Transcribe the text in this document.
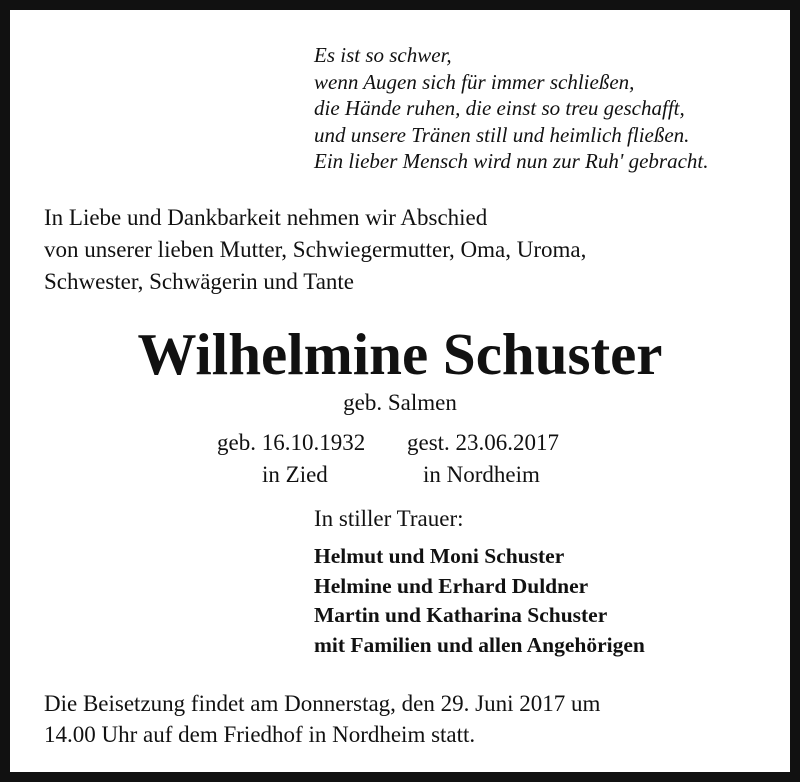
Es ist so schwer,
wenn Augen sich für immer schließen,
die Hände ruhen, die einst so treu geschafft,
und unsere Tränen still und heimlich fließen.
Ein lieber Mensch wird nun zur Ruh' gebracht.
In Liebe und Dankbarkeit nehmen wir Abschied
von unserer lieben Mutter, Schwiegermutter, Oma, Uroma,
Schwester, Schwägerin und Tante
Wilhelmine Schuster
geb. Salmen
geb. 16.10.1932 gest. 23.06.2017
in Zied	in Nordheim
In stiller Trauer:
Helmut und Moni Schuster
Helmine und Erhard Duldner
Martin und Katharina Schuster
mit Familien und allen Angehörigen
Die Beisetzung findet am Donnerstag, den 29. Juni 2017 um
14.00 Uhr auf dem Friedhof in Nordheim statt.
